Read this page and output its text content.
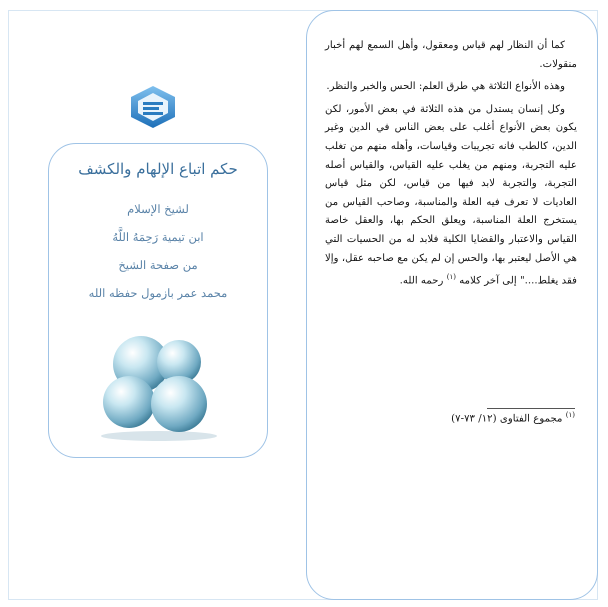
حكم اتباع الإلهام والكشف
لشيخ الإسلام
ابن تيمية رَحِمَهُ اللَّهُ
من صفحة الشيخ
محمد عمر بازمول حفظه الله

كما أن النظار لهم قياس ومعقول، وأهل السمع لهم أخبار منقولات.

وهذه الأنواع الثلاثة هي طرق العلم: الحس والخبر والنظر.

وكل إنسان يستدل من هذه الثلاثة في بعض الأمور، لكن يكون بعض الأنواع أغلب على بعض الناس في الدين وغير الدين، كالطب فانه تجريبات وقياسات، وأهله منهم من تغلب عليه التجربة، ومنهم من يغلب عليه القياس، والقياس أصله التجربة، والتجربة لابد فيها من قياس، لكن مثل قياس العاديات لا تعرف فيه العلة والمناسبة، وصاحب القياس من يستخرج العلة المناسبة، ويعلق الحكم بها، والعقل خاصة القياس والاعتبار والقضايا الكلية فلابد له من الحسيات التي هي الأصل ليعتبر بها، والحس إن لم يكن مع صاحبه عقل، وإلا فقد يغلط...." إلى آخر كلامه $^{(١)}$ رحمه الله.

$^{(١)}$ مجموع الفتاوى (١٢/ ٧٣-٧)
